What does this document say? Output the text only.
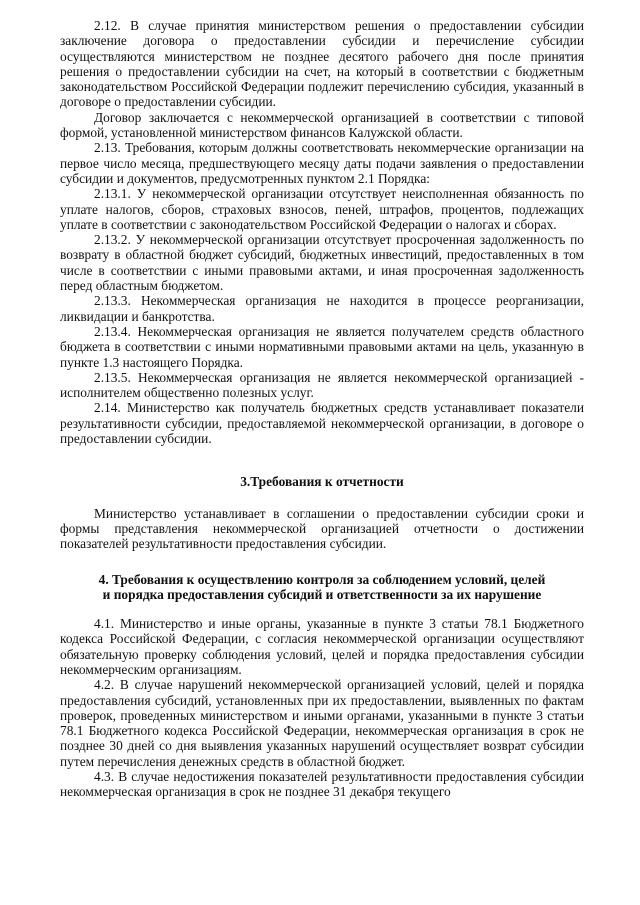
2.12. В случае принятия министерством решения о предоставлении субсидии заключение договора о предоставлении субсидии и перечисление субсидии осуществляются министерством не позднее десятого рабочего дня после принятия решения о предоставлении субсидии на счет, на который в соответствии с бюджетным законодательством Российской Федерации подлежит перечислению субсидия, указанный в договоре о предоставлении субсидии.

Договор заключается с некоммерческой организацией в соответствии с типовой формой, установленной министерством финансов Калужской области.

2.13. Требования, которым должны соответствовать некоммерческие организации на первое число месяца, предшествующего месяцу даты подачи заявления о предоставлении субсидии и документов, предусмотренных пунктом 2.1 Порядка:

2.13.1. У некоммерческой организации отсутствует неисполненная обязанность по уплате налогов, сборов, страховых взносов, пеней, штрафов, процентов, подлежащих уплате в соответствии с законодательством Российской Федерации о налогах и сборах.

2.13.2. У некоммерческой организации отсутствует просроченная задолженность по возврату в областной бюджет субсидий, бюджетных инвестиций, предоставленных в том числе в соответствии с иными правовыми актами, и иная просроченная задолженность перед областным бюджетом.

2.13.3. Некоммерческая организация не находится в процессе реорганизации, ликвидации и банкротства.

2.13.4. Некоммерческая организация не является получателем средств областного бюджета в соответствии с иными нормативными правовыми актами на цель, указанную в пункте 1.3 настоящего Порядка.

2.13.5. Некоммерческая организация не является некоммерческой организацией - исполнителем общественно полезных услуг.

2.14. Министерство как получатель бюджетных средств устанавливает показатели результативности субсидии, предоставляемой некоммерческой организации, в договоре о предоставлении субсидии.

3.Требования к отчетности

Министерство устанавливает в соглашении о предоставлении субсидии сроки и формы представления некоммерческой организацией отчетности о достижении показателей результативности предоставления субсидии.

4. Требования к осуществлению контроля за соблюдением условий, целей
и порядка предоставления субсидий и ответственности за их нарушение

4.1. Министерство и иные органы, указанные в пункте 3 статьи 78.1 Бюджетного кодекса Российской Федерации, с согласия некоммерческой организации осуществляют обязательную проверку соблюдения условий, целей и порядка предоставления субсидии некоммерческим организациям.

4.2. В случае нарушений некоммерческой организацией условий, целей и порядка предоставления субсидий, установленных при их предоставлении, выявленных по фактам проверок, проведенных министерством и иными органами, указанными в пункте 3 статьи 78.1 Бюджетного кодекса Российской Федерации, некоммерческая организация в срок не позднее 30 дней со дня выявления указанных нарушений осуществляет возврат субсидии путем перечисления денежных средств в областной бюджет.

4.3. В случае недостижения показателей результативности предоставления субсидии некоммерческая организация в срок не позднее 31 декабря текущего
